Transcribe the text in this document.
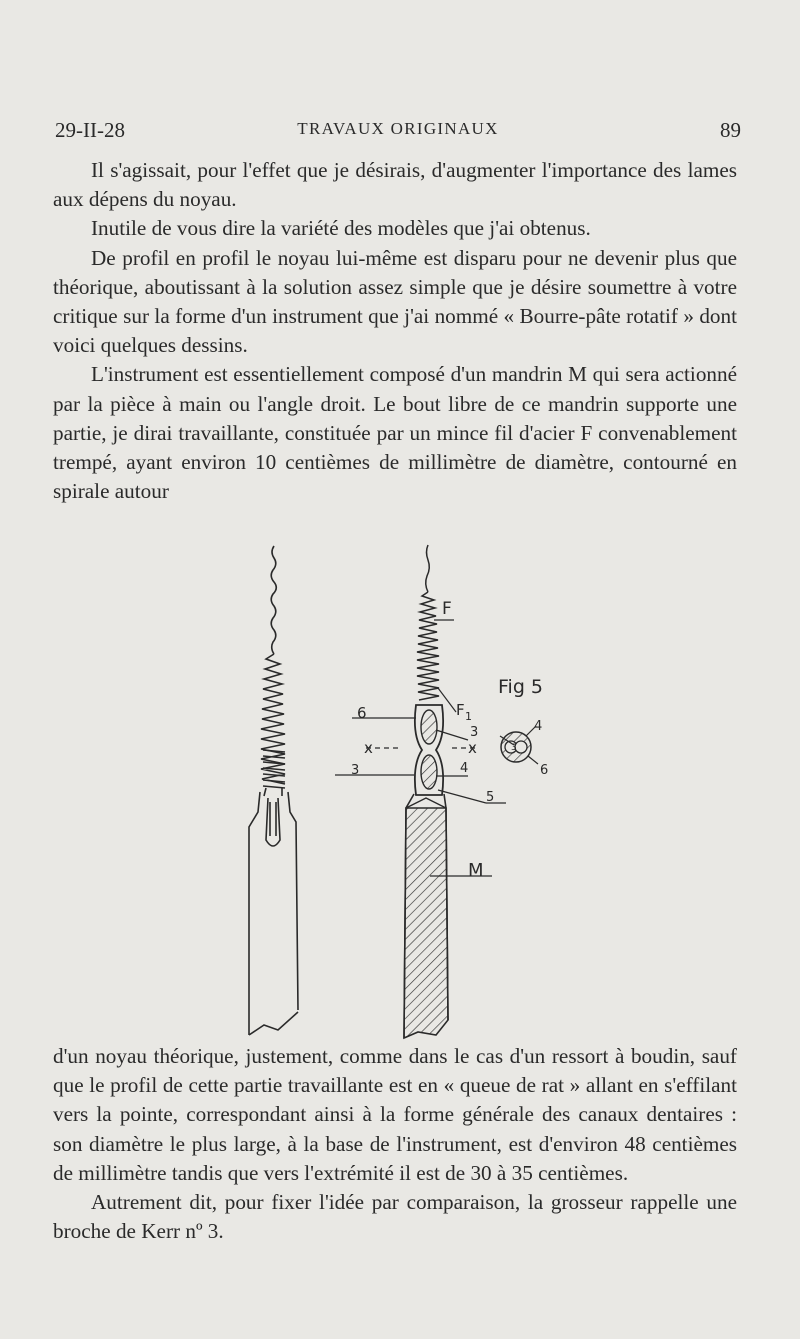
29-II-28	TRAVAUX ORIGINAUX	89

Il s'agissait, pour l'effet que je désirais, d'augmenter l'importance des lames aux dépens du noyau.

Inutile de vous dire la variété des modèles que j'ai obtenus.

De profil en profil le noyau lui-même est disparu pour ne devenir plus que théorique, aboutissant à la solution assez simple que je désire soumettre à votre critique sur la forme d'un instrument que j'ai nommé « Bourre-pâte rotatif » dont voici quelques dessins.

L'instrument est essentiellement composé d'un mandrin M qui sera actionné par la pièce à main ou l'angle droit. Le bout libre de ce mandrin supporte une partie, je dirai travaillante, constituée par un mince fil d'acier F convenablement trempé, ayant environ 10 centièmes de millimètre de diamètre, contourné en spirale autour

F
F 1
Fig 5
6
x	x
3
3	4
5
M
3
4
6

d'un noyau théorique, justement, comme dans le cas d'un ressort à boudin, sauf que le profil de cette partie travaillante est en « queue de rat » allant en s'effilant vers la pointe, correspondant ainsi à la forme générale des canaux dentaires : son diamètre le plus large, à la base de l'instrument, est d'environ 48 centièmes de millimètre tandis que vers l'extrémité il est de 30 à 35 centièmes.

Autrement dit, pour fixer l'idée par comparaison, la grosseur rappelle une broche de Kerr nº 3.
